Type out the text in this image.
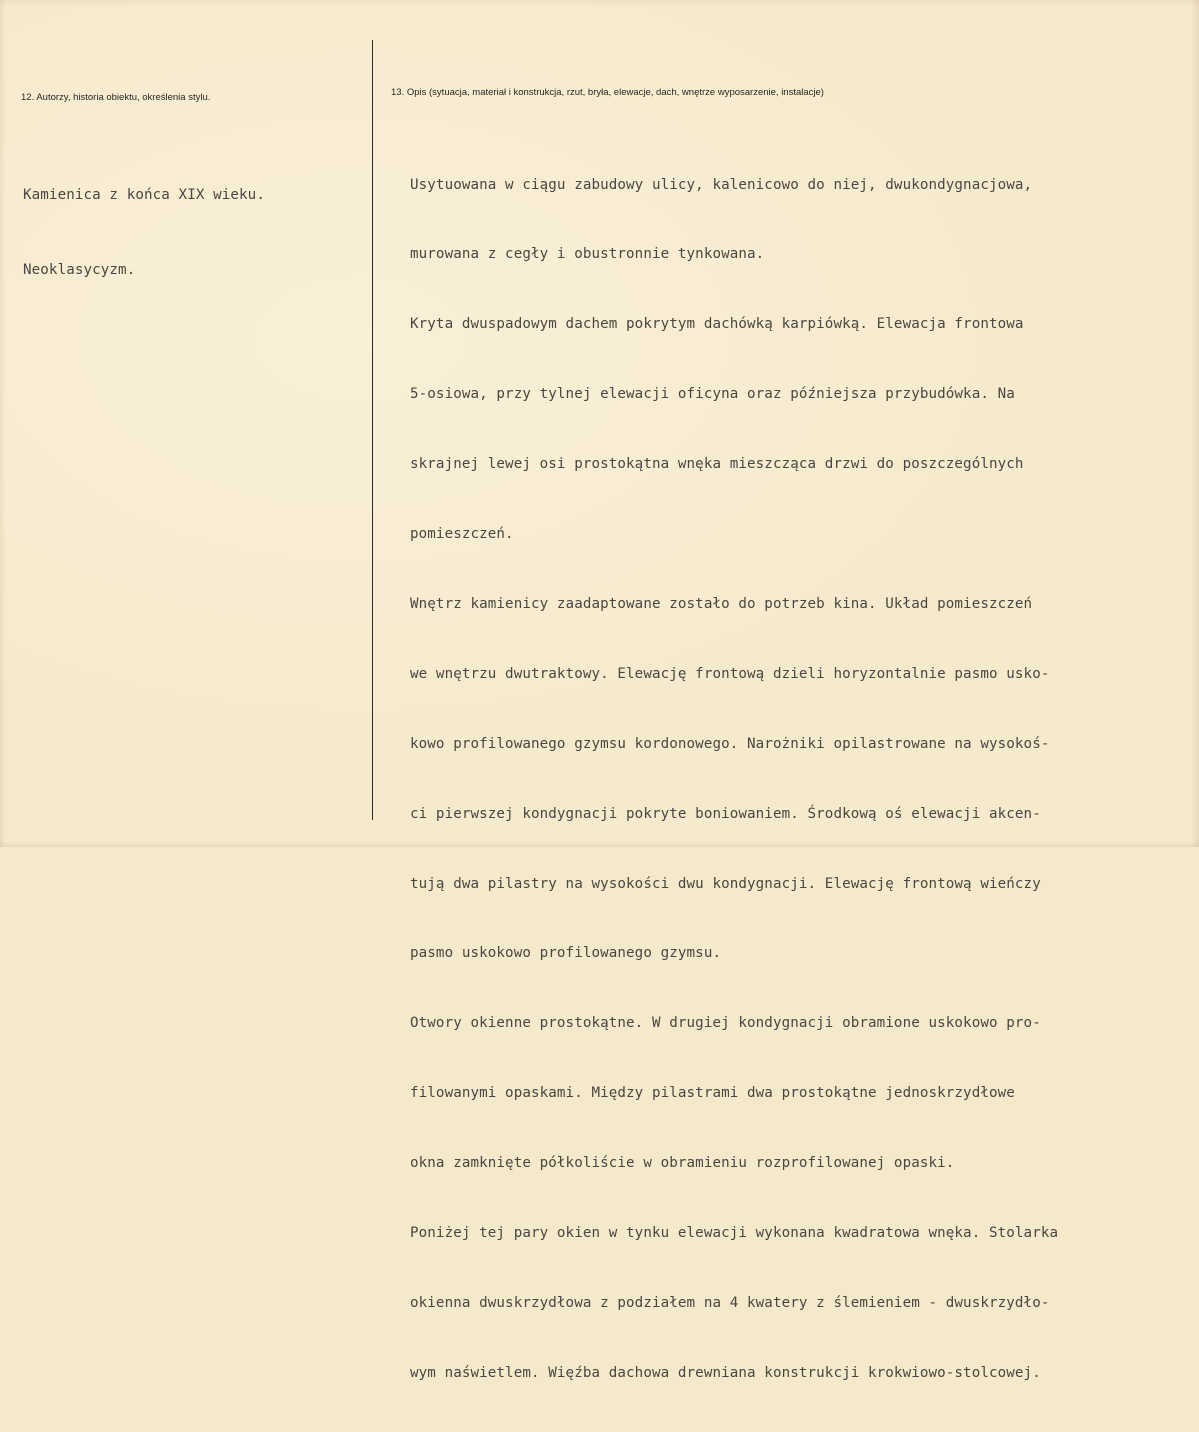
12. Autorzy, historia obiektu, określenia stylu.	13. Opis (sytuacja, materiał i konstrukcja, rzut, bryła, elewacje, dach, wnętrze wyposarzenie, instalacje)

Kamienica z końca XIX wieku.

Neoklasycyzm.

Usytuowana w ciągu zabudowy ulicy, kalenicowo do niej, dwukondygnacjowa,

murowana z cegły i obustronnie tynkowana.

Kryta dwuspadowym dachem pokrytym dachówką karpiówką. Elewacja frontowa

5-osiowa, przy tylnej elewacji oficyna oraz późniejsza przybudówka. Na

skrajnej lewej osi prostokątna wnęka mieszcząca drzwi do poszczególnych

pomieszczeń.

Wnętrz kamienicy zaadaptowane zostało do potrzeb kina. Układ pomieszczeń

we wnętrzu dwutraktowy. Elewację frontową dzieli horyzontalnie pasmo usko-

kowo profilowanego gzymsu kordonowego. Narożniki opilastrowane na wysokoś-

ci pierwszej kondygnacji pokryte boniowaniem. Środkową oś elewacji akcen-

tują dwa pilastry na wysokości dwu kondygnacji. Elewację frontową wieńczy

pasmo uskokowo profilowanego gzymsu.

Otwory okienne prostokątne. W drugiej kondygnacji obramione uskokowo pro-

filowanymi opaskami. Między pilastrami dwa prostokątne jednoskrzydłowe

okna zamknięte półkoliście w obramieniu rozprofilowanej opaski.

Poniżej tej pary okien w tynku elewacji wykonana kwadratowa wnęka. Stolarka

okienna dwuskrzydłowa z podziałem na 4 kwatery z ślemieniem - dwuskrzydło-

wym naświetlem. Więźba dachowa drewniana konstrukcji krokwiowo-stolcowej.
